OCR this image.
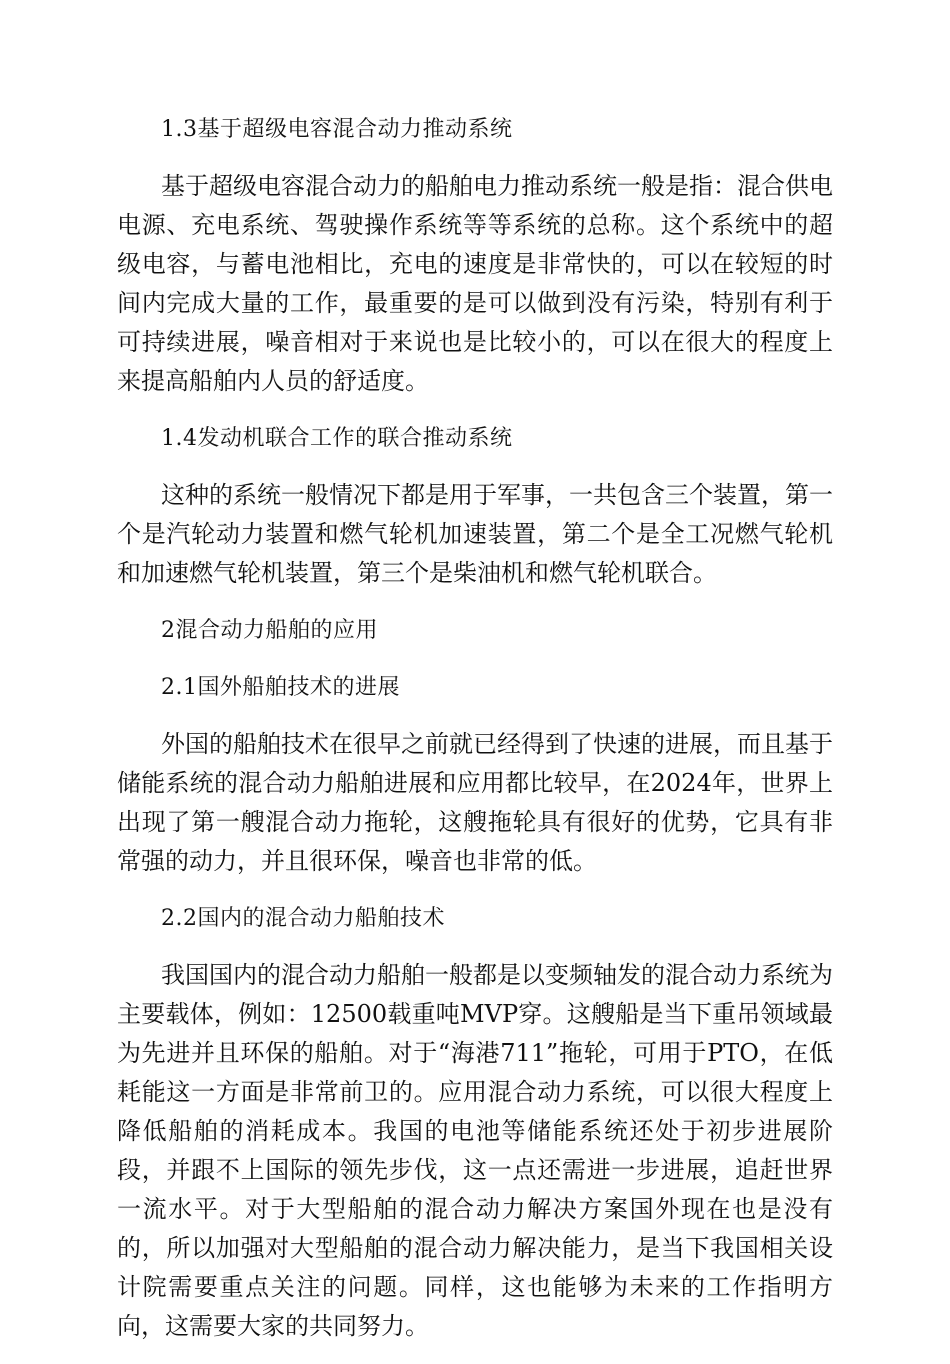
1.3基于超级电容混合动力推动系统

基于超级电容混合动力的船舶电力推动系统一般是指：混合供电电源、充电系统、驾驶操作系统等等系统的总称。这个系统中的超级电容，与蓄电池相比，充电的速度是非常快的，可以在较短的时间内完成大量的工作，最重要的是可以做到没有污染，特别有利于可持续进展，噪音相对于来说也是比较小的，可以在很大的程度上来提高船舶内人员的舒适度。

1.4发动机联合工作的联合推动系统

这种的系统一般情况下都是用于军事，一共包含三个装置，第一个是汽轮动力装置和燃气轮机加速装置，第二个是全工况燃气轮机和加速燃气轮机装置，第三个是柴油机和燃气轮机联合。

2混合动力船舶的应用
2.1国外船舶技术的进展

外国的船舶技术在很早之前就已经得到了快速的进展，而且基于储能系统的混合动力船舶进展和应用都比较早，在2024年，世界上出现了第一艘混合动力拖轮，这艘拖轮具有很好的优势，它具有非常强的动力，并且很环保，噪音也非常的低。

2.2国内的混合动力船舶技术

我国国内的混合动力船舶一般都是以变频轴发的混合动力系统为主要载体，例如：12500载重吨MVP穿。这艘船是当下重吊领域最为先进并且环保的船舶。对于“海港711”拖轮，可用于PTO，在低耗能这一方面是非常前卫的。应用混合动力系统，可以很大程度上降低船舶的消耗成本。我国的电池等储能系统还处于初步进展阶段，并跟不上国际的领先步伐，这一点还需进一步进展，追赶世界一流水平。对于大型船舶的混合动力解决方案国外现在也是没有的，所以加强对大型船舶的混合动力解决能力，是当下我国相关设计院需要重点关注的问题。同样，这也能够为未来的工作指明方向，这需要大家的共同努力。
